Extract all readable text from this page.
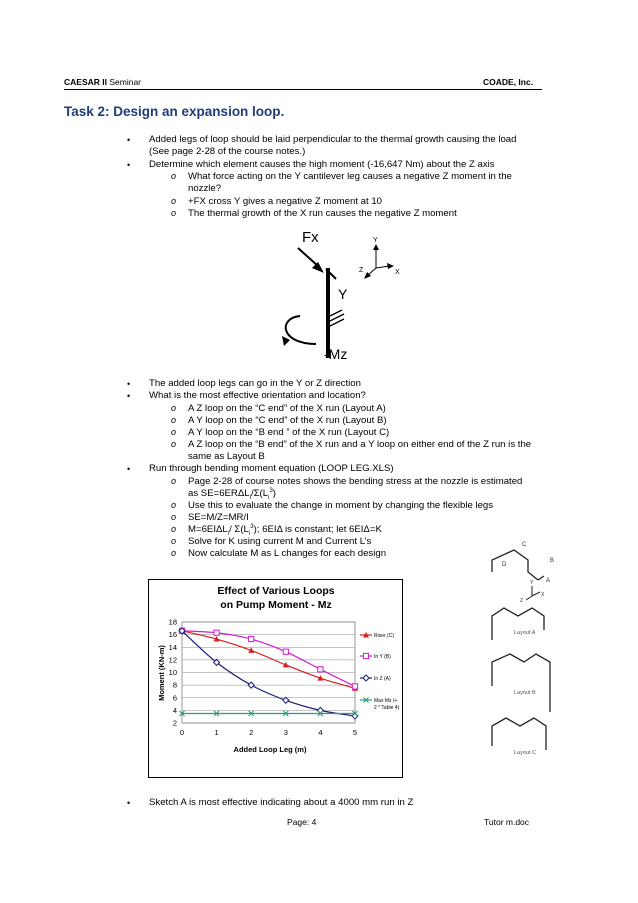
CAESAR II Seminar	COADE, Inc.
Task 2: Design an expansion loop.
• Added legs of loop should be laid perpendicular to the thermal growth causing the load
(See page 2-28 of the course notes.)
• Determine which element causes the high moment (-16,647 Nm) about the Z axis
o What force acting on the Y cantilever leg causes a negative Z moment in the
nozzle?
o +FX cross Y gives a negative Z moment at 10
o The thermal growth of the X run causes the negative Z moment
Fx
Y
-Mz
Y
Z	X
• The added loop legs can go in the Y or Z direction
• What is the most effective orientation and location?
o A Z loop on the “C end” of the X run (Layout A)
o A Y loop on the “C end” of the X run (Layout B)
o A Y loop on the “B end ” of the X run (Layout C)
o A Z loop on the “B end” of the X run and a Y loop on either end of the Z run is the
same as Layout B
• Run through bending moment equation (LOOP LEG.XLS)
o Page 2-28 of course notes shows the bending stress at the nozzle is estimated
as $SE=6ER\Delta L_i/\Sigma(L_i^3)$
o Use this to evaluate the change in moment by changing the flexible legs
o SE=M/Z=MR/I
o $M=6EI\Delta L_i/$ $\Sigma(L_i^3)$; 6EIΔ is constant; let 6EIΔ=K
o Solve for K using current M and Current L’s
o Now calculate M as L changes for each design
Effect of Various Loops
on Pump Moment - Mz
2
4
6
8
10
12
14
16
18
0	1	2	3	4	5
Riser (C)
In Y (B)
In Z (A)
Max Mz (+
2 * Table 4)
Added Loop Leg (m)
Moment (KN-m)
C
B
D
A
Y
Z
X
Layout A
Layout B
Layout C
• Sketch A is most effective indicating about a 4000 mm run in Z
Page: 4	Tutor m.doc
